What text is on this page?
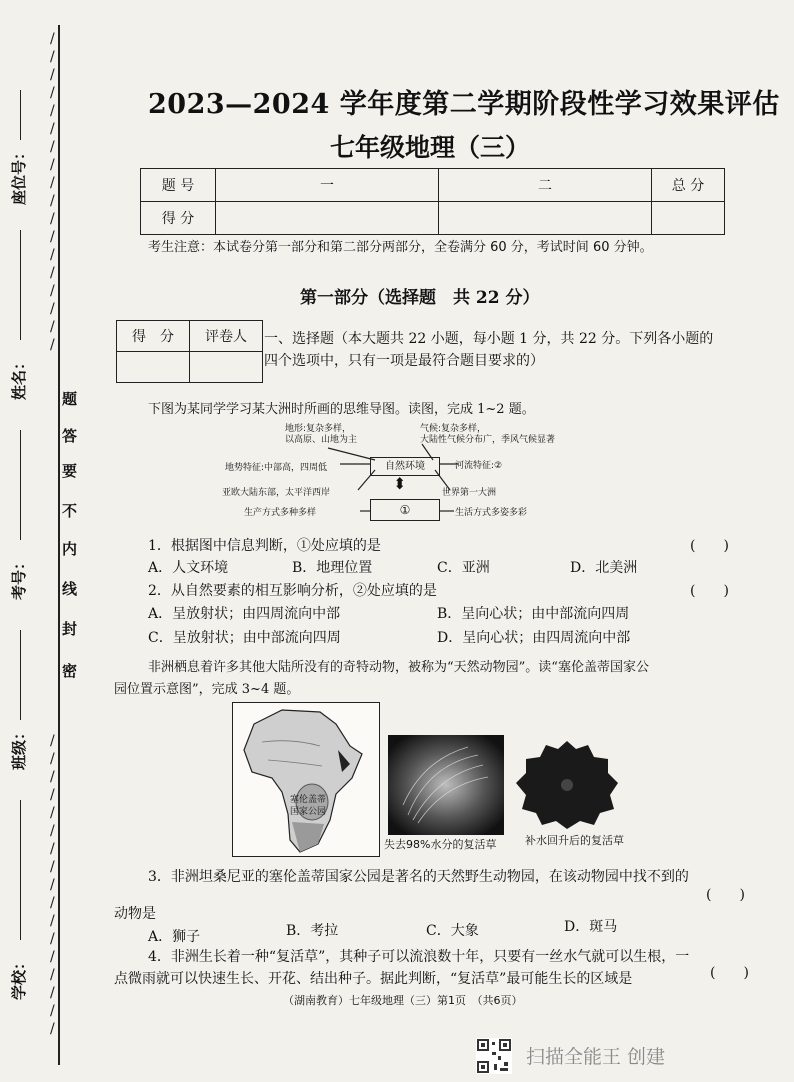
/
/
/
/
/
/
/
/
/
/
/
/
/
/
/
/
/
/

/
/
/
/
/
/
/
/
/
/
/
/
/
/
/
/
/
题
答
要
不
内
线
封
密
座位号：
姓名：
考号：
班级：
学校：
2023—2024 学年度第二学期阶段性学习效果评估
七年级地理（三）
题 号	一	二	总 分
得 分			
考生注意：本试卷分第一部分和第二部分两部分，全卷满分 60 分，考试时间 60 分钟。
第一部分（选择题　共 22 分）
得　分	评卷人
	一、选择题（本大题共 22 小题，每小题 1 分，共 22 分。下列各小题的
四个选项中，只有一项是最符合题目要求的）
下图为某同学学习某大洲时所画的思维导图。读图，完成 1~2 题。
地形:复杂多样，
以高原、山地为主
气候:复杂多样，
大陆性气候分布广，季风气候显著
地势特征:中部高，四周低	河流特征:②
自然环境
⬍
亚欧大陆东部，太平洋西岸	世界第一大洲
①
生产方式多种多样	生活方式多姿多彩
1．根据图中信息判断，①处应填的是	(　　)
A．人文环境	B．地理位置	C．亚洲	D．北美洲
2．从自然要素的相互影响分析，②处应填的是	(　　)
A．呈放射状；由四周流向中部	B．呈向心状；由中部流向四周
C．呈放射状；由中部流向四周	D．呈向心状；由四周流向中部
非洲栖息着许多其他大陆所没有的奇特动物，被称为“天然动物园”。读“塞伦盖蒂国家公
园位置示意图”，完成 3~4 题。
塞伦盖蒂
国家公园
失去98%水分的复活草	补水回升后的复活草
3．非洲坦桑尼亚的塞伦盖蒂国家公园是著名的天然野生动物园，在该动物园中找不到的
(　　)
动物是
A．狮子	B．考拉	C．大象	D．斑马
4．非洲生长着一种“复活草”，其种子可以流浪数十年，只要有一丝水气就可以生根，一
点微雨就可以快速生长、开花、结出种子。据此判断，“复活草”最可能生长的区域是	(　　)
（湖南教育）七年级地理（三）第1页　（共6页）
扫描全能王 创建
